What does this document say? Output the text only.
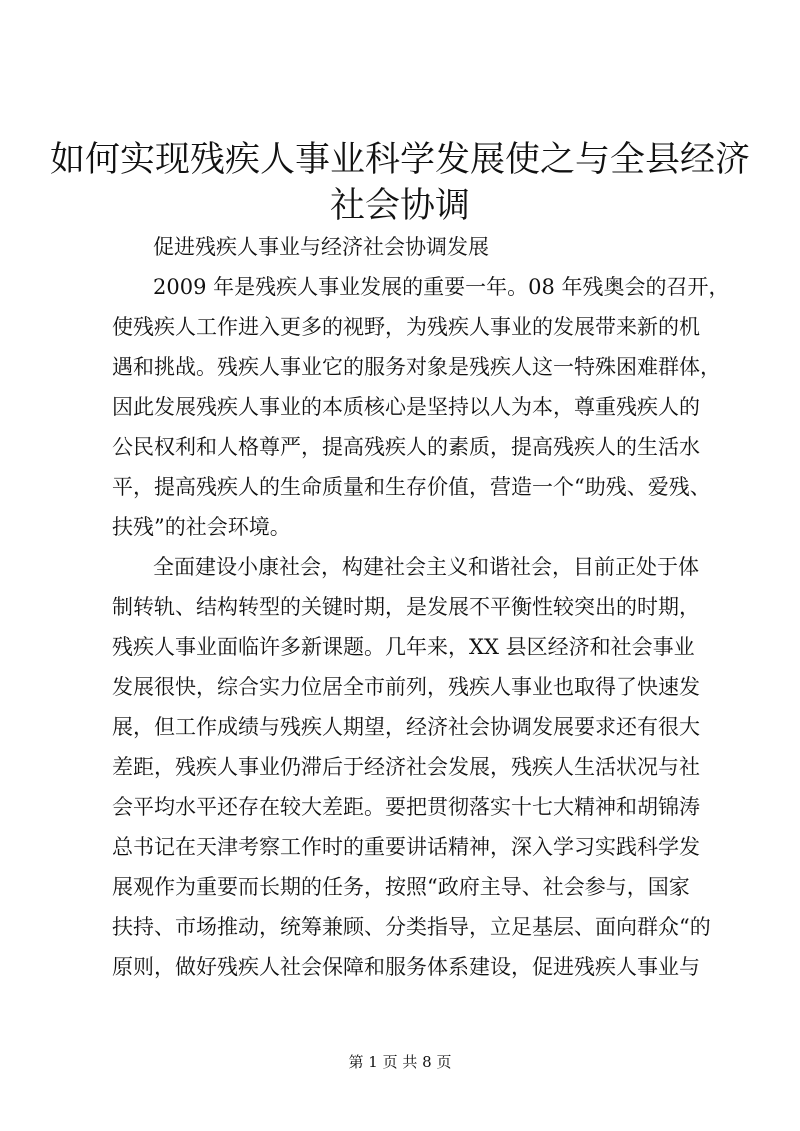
如何实现残疾人事业科学发展使之与全县经济
社会协调

促进残疾人事业与经济社会协调发展

2009 年是残疾人事业发展的重要一年。08 年残奥会的召开，

使残疾人工作进入更多的视野，为残疾人事业的发展带来新的机

遇和挑战。残疾人事业它的服务对象是残疾人这一特殊困难群体，

因此发展残疾人事业的本质核心是坚持以人为本，尊重残疾人的

公民权利和人格尊严，提高残疾人的素质，提高残疾人的生活水

平，提高残疾人的生命质量和生存价值，营造一个“助残、爱残、

扶残”的社会环境。

全面建设小康社会，构建社会主义和谐社会，目前正处于体

制转轨、结构转型的关键时期，是发展不平衡性较突出的时期，

残疾人事业面临许多新课题。几年来，XX 县区经济和社会事业

发展很快，综合实力位居全市前列，残疾人事业也取得了快速发

展，但工作成绩与残疾人期望，经济社会协调发展要求还有很大

差距，残疾人事业仍滞后于经济社会发展，残疾人生活状况与社

会平均水平还存在较大差距。要把贯彻落实十七大精神和胡锦涛

总书记在天津考察工作时的重要讲话精神，深入学习实践科学发

展观作为重要而长期的任务，按照“政府主导、社会参与，国家

扶持、市场推动，统筹兼顾、分类指导，立足基层、面向群众“的

原则，做好残疾人社会保障和服务体系建设，促进残疾人事业与

第 1 页 共 8 页
